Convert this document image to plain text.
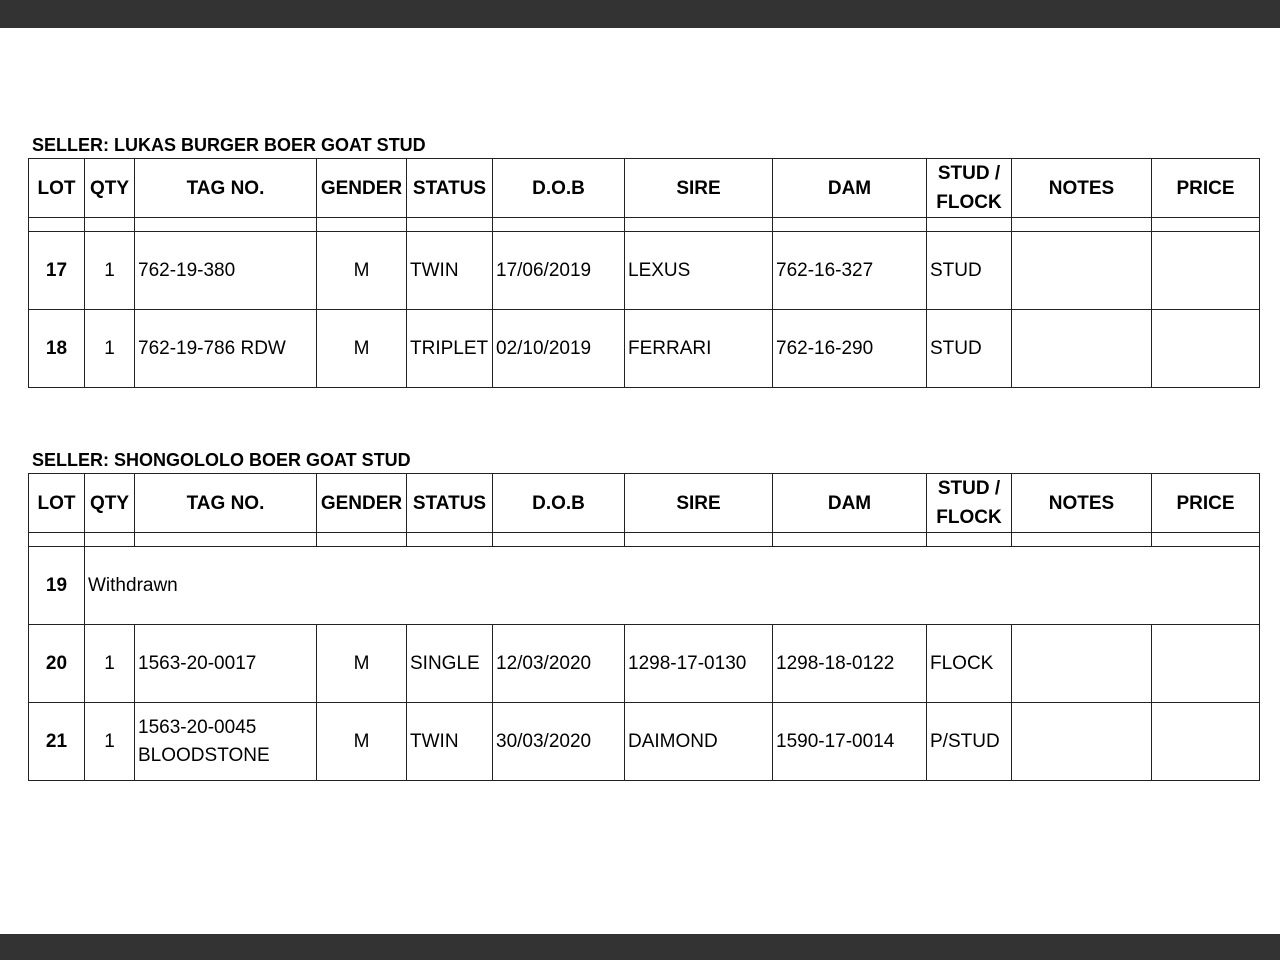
SELLER: LUKAS BURGER BOER GOAT STUD
LOT	QTY	TAG NO.	GENDER	STATUS	D.O.B	SIRE	DAM	STUD / FLOCK	NOTES	PRICE

17	1	762-19-380	M	TWIN	17/06/2019	LEXUS	762-16-327	STUD		
18	1	762-19-786 RDW	M	TRIPLET	02/10/2019	FERRARI	762-16-290	STUD		
SELLER: SHONGOLOLO BOER GOAT STUD
LOT	QTY	TAG NO.	GENDER	STATUS	D.O.B	SIRE	DAM	STUD / FLOCK	NOTES	PRICE

19	Withdrawn									
20	1	1563-20-0017	M	SINGLE	12/03/2020	1298-17-0130	1298-18-0122	FLOCK		
21	1	1563-20-0045 BLOODSTONE	M	TWIN	30/03/2020	DAIMOND	1590-17-0014	P/STUD		
